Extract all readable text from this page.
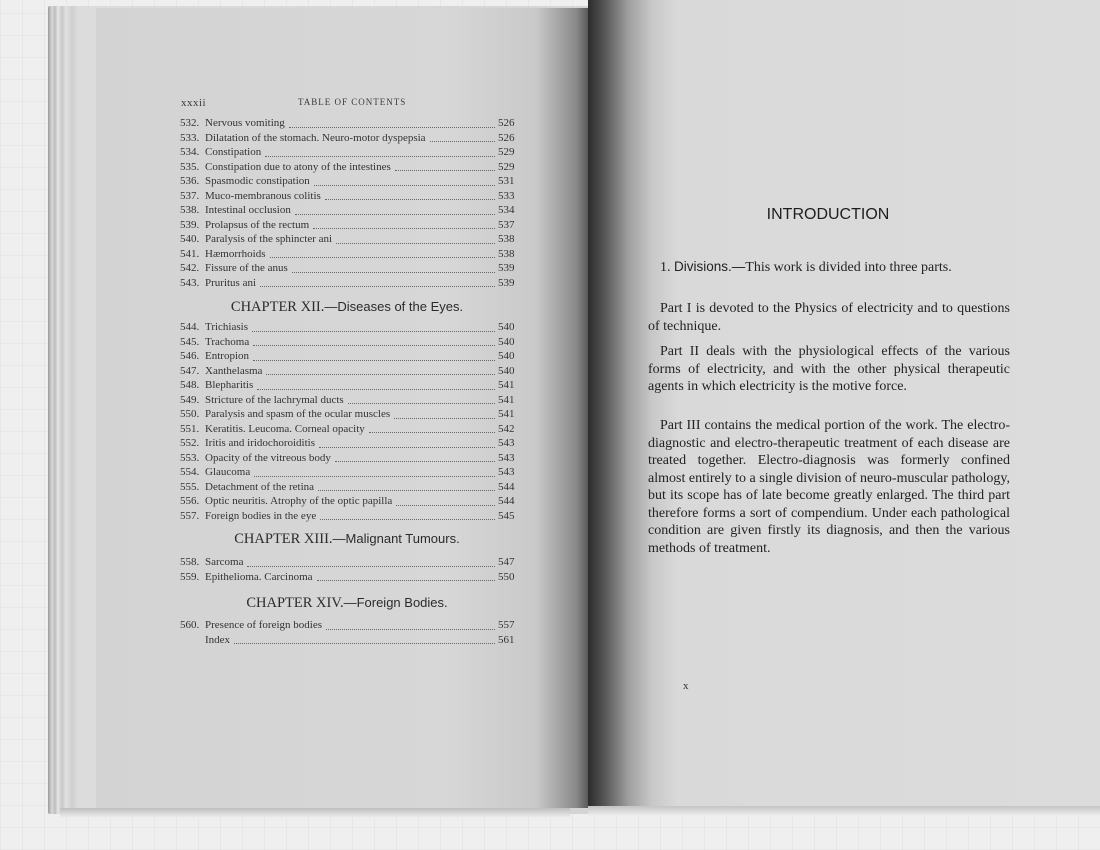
xxxii	TABLE OF CONTENTS
532. Nervous vomiting	526
533. Dilatation of the stomach. Neuro-motor dyspepsia	526
534. Constipation	529
535. Constipation due to atony of the intestines	529
536. Spasmodic constipation	531
537. Muco-membranous colitis	533
538. Intestinal occlusion	534
539. Prolapsus of the rectum	537
540. Paralysis of the sphincter ani	538
541. Hæmorrhoids	538
542. Fissure of the anus	539
543. Pruritus ani	539
CHAPTER XII.—Diseases of the Eyes.
544. Trichiasis	540
545. Trachoma	540
546. Entropion	540
547. Xanthelasma	540
548. Blepharitis	541
549. Stricture of the lachrymal ducts	541
550. Paralysis and spasm of the ocular muscles	541
551. Keratitis. Leucoma. Corneal opacity	542
552. Iritis and iridochoroiditis	543
553. Opacity of the vitreous body	543
554. Glaucoma	543
555. Detachment of the retina	544
556. Optic neuritis. Atrophy of the optic papilla	544
557. Foreign bodies in the eye	545
CHAPTER XIII.—Malignant Tumours.
558. Sarcoma	547
559. Epithelioma. Carcinoma	550
CHAPTER XIV.—Foreign Bodies.
560. Presence of foreign bodies	557
Index	561
INTRODUCTION

1. Divisions.—This work is divided into three parts.

Part I is devoted to the Physics of electricity and to questions of technique.

Part II deals with the physiological effects of the various forms of electricity, and with the other physical therapeutic agents in which electricity is the motive force.

Part III contains the medical portion of the work. The electro-diagnostic and electro-therapeutic treatment of each disease are treated together. Electro-diagnosis was formerly confined almost entirely to a single division of neuro-muscular pathology, but its scope has of late become greatly enlarged. The third part therefore forms a sort of compendium. Under each pathological condition are given firstly its diagnosis, and then the various methods of treatment.

x
